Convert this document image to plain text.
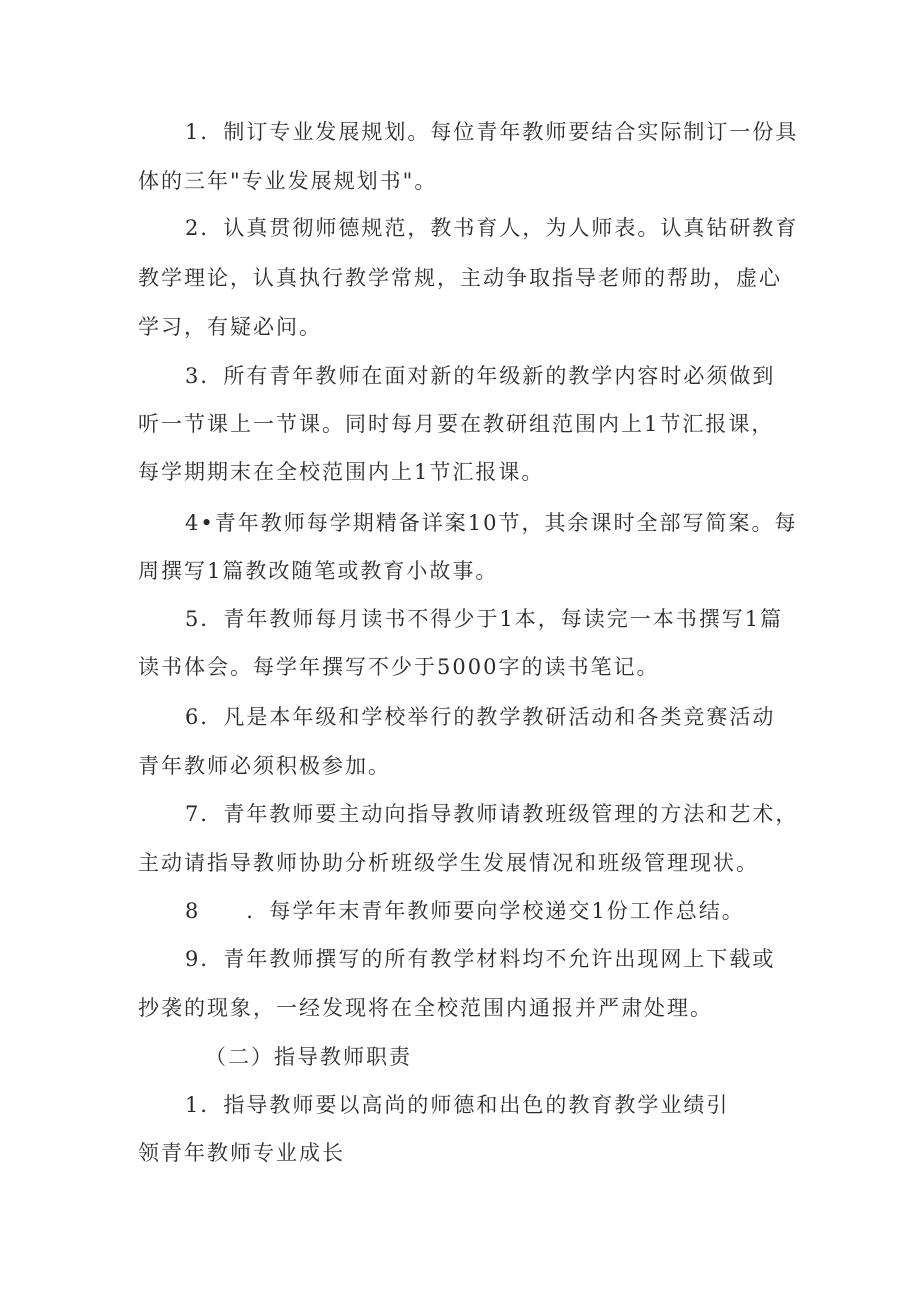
1．制订专业发展规划。每位青年教师要结合实际制订一份具
体的三年"专业发展规划书"。
2．认真贯彻师德规范，教书育人，为人师表。认真钻研教育
教学理论，认真执行教学常规，主动争取指导老师的帮助，虚心
学习，有疑必问。
3．所有青年教师在面对新的年级新的教学内容时必须做到
听一节课上一节课。同时每月要在教研组范围内上1节汇报课，
每学期期末在全校范围内上1节汇报课。
4•青年教师每学期精备详案10节，其余课时全部写简案。每
周撰写1篇教改随笔或教育小故事。
5．青年教师每月读书不得少于1本，每读完一本书撰写1篇
读书体会。每学年撰写不少于5000字的读书笔记。
6．凡是本年级和学校举行的教学教研活动和各类竞赛活动
青年教师必须积极参加。
7．青年教师要主动向指导教师请教班级管理的方法和艺术，
主动请指导教师协助分析班级学生发展情况和班级管理现状。
8　　．每学年末青年教师要向学校递交1份工作总结。
9．青年教师撰写的所有教学材料均不允许出现网上下载或
抄袭的现象，一经发现将在全校范围内通报并严肃处理。
（二）指导教师职责
1．指导教师要以高尚的师德和出色的教育教学业绩引
领青年教师专业成长
